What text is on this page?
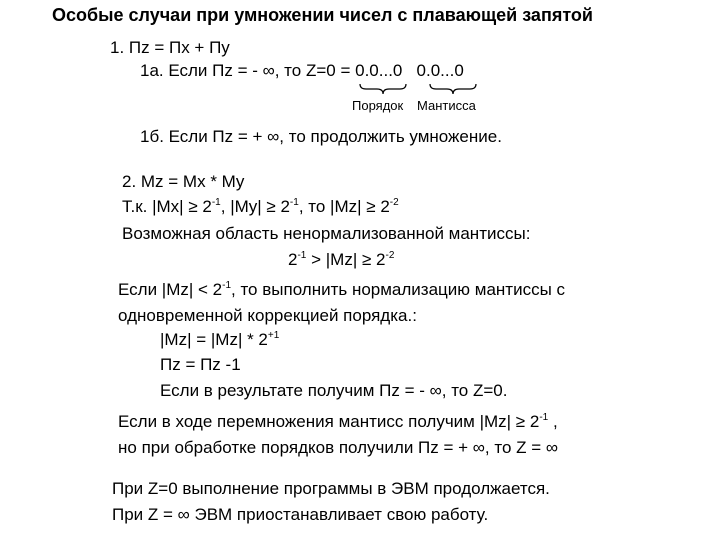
Особые случаи при умножении чисел с плавающей запятой
1. Пz = Пx + Пy
1а. Если Пz = - ∞, то Z=0 = 0.0...0 0.0...0
Порядок Мантисса
1б. Если Пz = + ∞, то продолжить умножение.
2. Mz = Mx * My
Т.к. $|Mx| \ge 2^{-1}$, $|My| \ge 2^{-1}$, то $|Mz| \ge 2^{-2}$
Возможная область ненормализованной мантиссы:
$2^{-1} > |Mz| \ge 2^{-2}$
Если $|Mz| < 2^{-1}$, то выполнить нормализацию мантиссы с
одновременной коррекцией порядка.:
$|Mz| = |Mz| * 2^{+1}$
Пz = Пz -1
Если в результате получим Пz = - ∞, то Z=0.
Если в ходе перемножения мантисс получим $|Mz| \ge 2^{-1}$ ,
но при обработке порядков получили Пz = + ∞, то Z = ∞
При Z=0 выполнение программы в ЭВМ продолжается.
При Z = ∞ ЭВМ приостанавливает свою работу.
